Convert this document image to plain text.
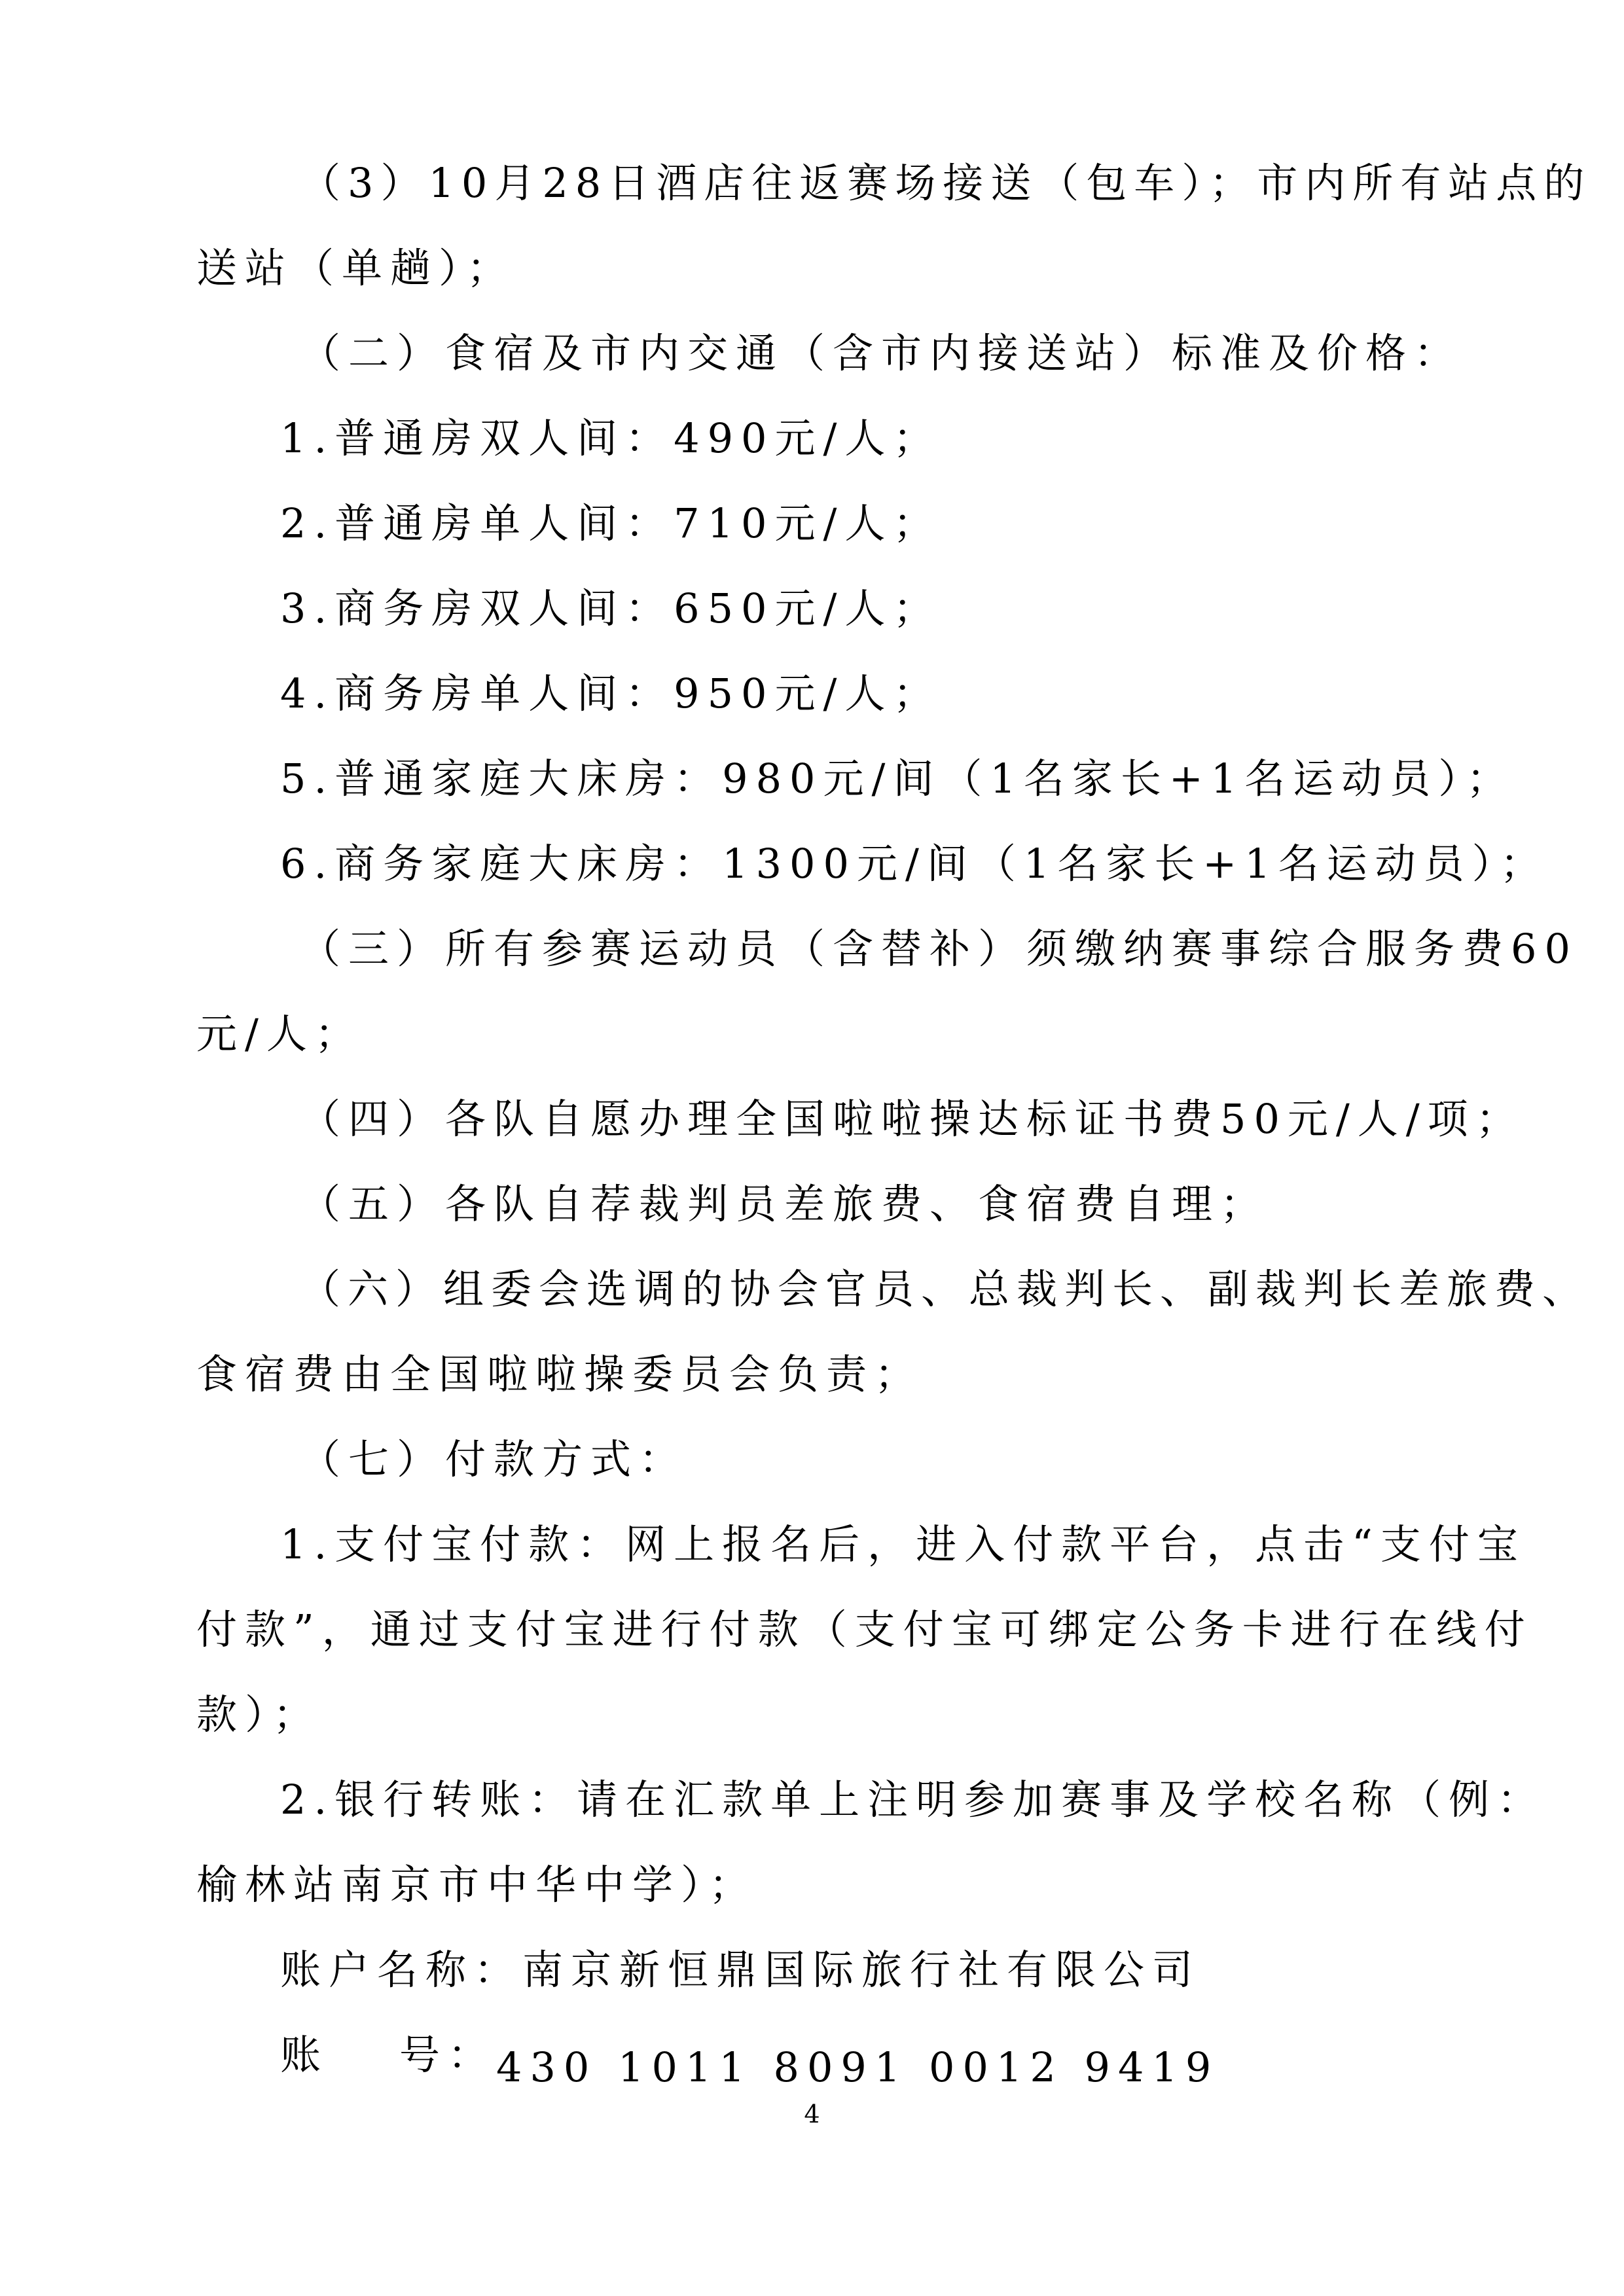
（3）10月28日酒店往返赛场接送（包车）；市内所有站点的
送站（单趟）；
（二）食宿及市内交通（含市内接送站）标准及价格：
1.普通房双人间：490元/人；
2.普通房单人间：710元/人；
3.商务房双人间：650元/人；
4.商务房单人间：950元/人；
5.普通家庭大床房：980元/间（1名家长+1名运动员）；
6.商务家庭大床房：1300元/间（1名家长+1名运动员）；
（三）所有参赛运动员（含替补）须缴纳赛事综合服务费60
元/人；
（四）各队自愿办理全国啦啦操达标证书费50元/人/项；
（五）各队自荐裁判员差旅费、食宿费自理；
（六）组委会选调的协会官员、总裁判长、副裁判长差旅费、
食宿费由全国啦啦操委员会负责；
（七）付款方式：
1.支付宝付款：网上报名后，进入付款平台，点击“支付宝
付款”，通过支付宝进行付款（支付宝可绑定公务卡进行在线付
款）；
2.银行转账：请在汇款单上注明参加赛事及学校名称（例：
榆林站南京市中华中学）；
账户名称：南京新恒鼎国际旅行社有限公司
账 号： 430 1011 8091 0012 9419
4
